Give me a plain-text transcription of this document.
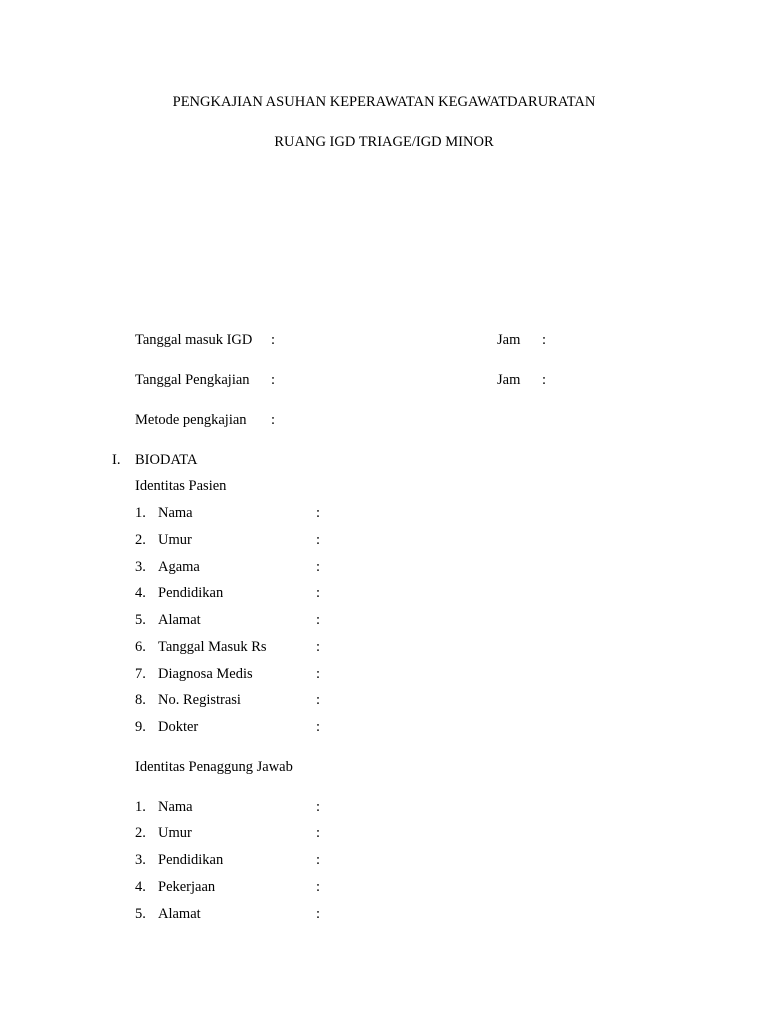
PENGKAJIAN ASUHAN KEPERAWATAN KEGAWATDARURATAN
RUANG IGD TRIAGE/IGD MINOR
Tanggal masuk IGD :	Jam :
Tanggal Pengkajian :	Jam :
Metode pengkajian :
I. BIODATA
Identitas Pasien
1. Nama	:
2. Umur	:
3. Agama	:
4. Pendidikan	:
5. Alamat	:
6. Tanggal Masuk Rs	:
7. Diagnosa Medis	:
8. No. Registrasi	:
9. Dokter	:
Identitas Penaggung Jawab
1. Nama	:
2. Umur	:
3. Pendidikan	:
4. Pekerjaan	:
5. Alamat	:
